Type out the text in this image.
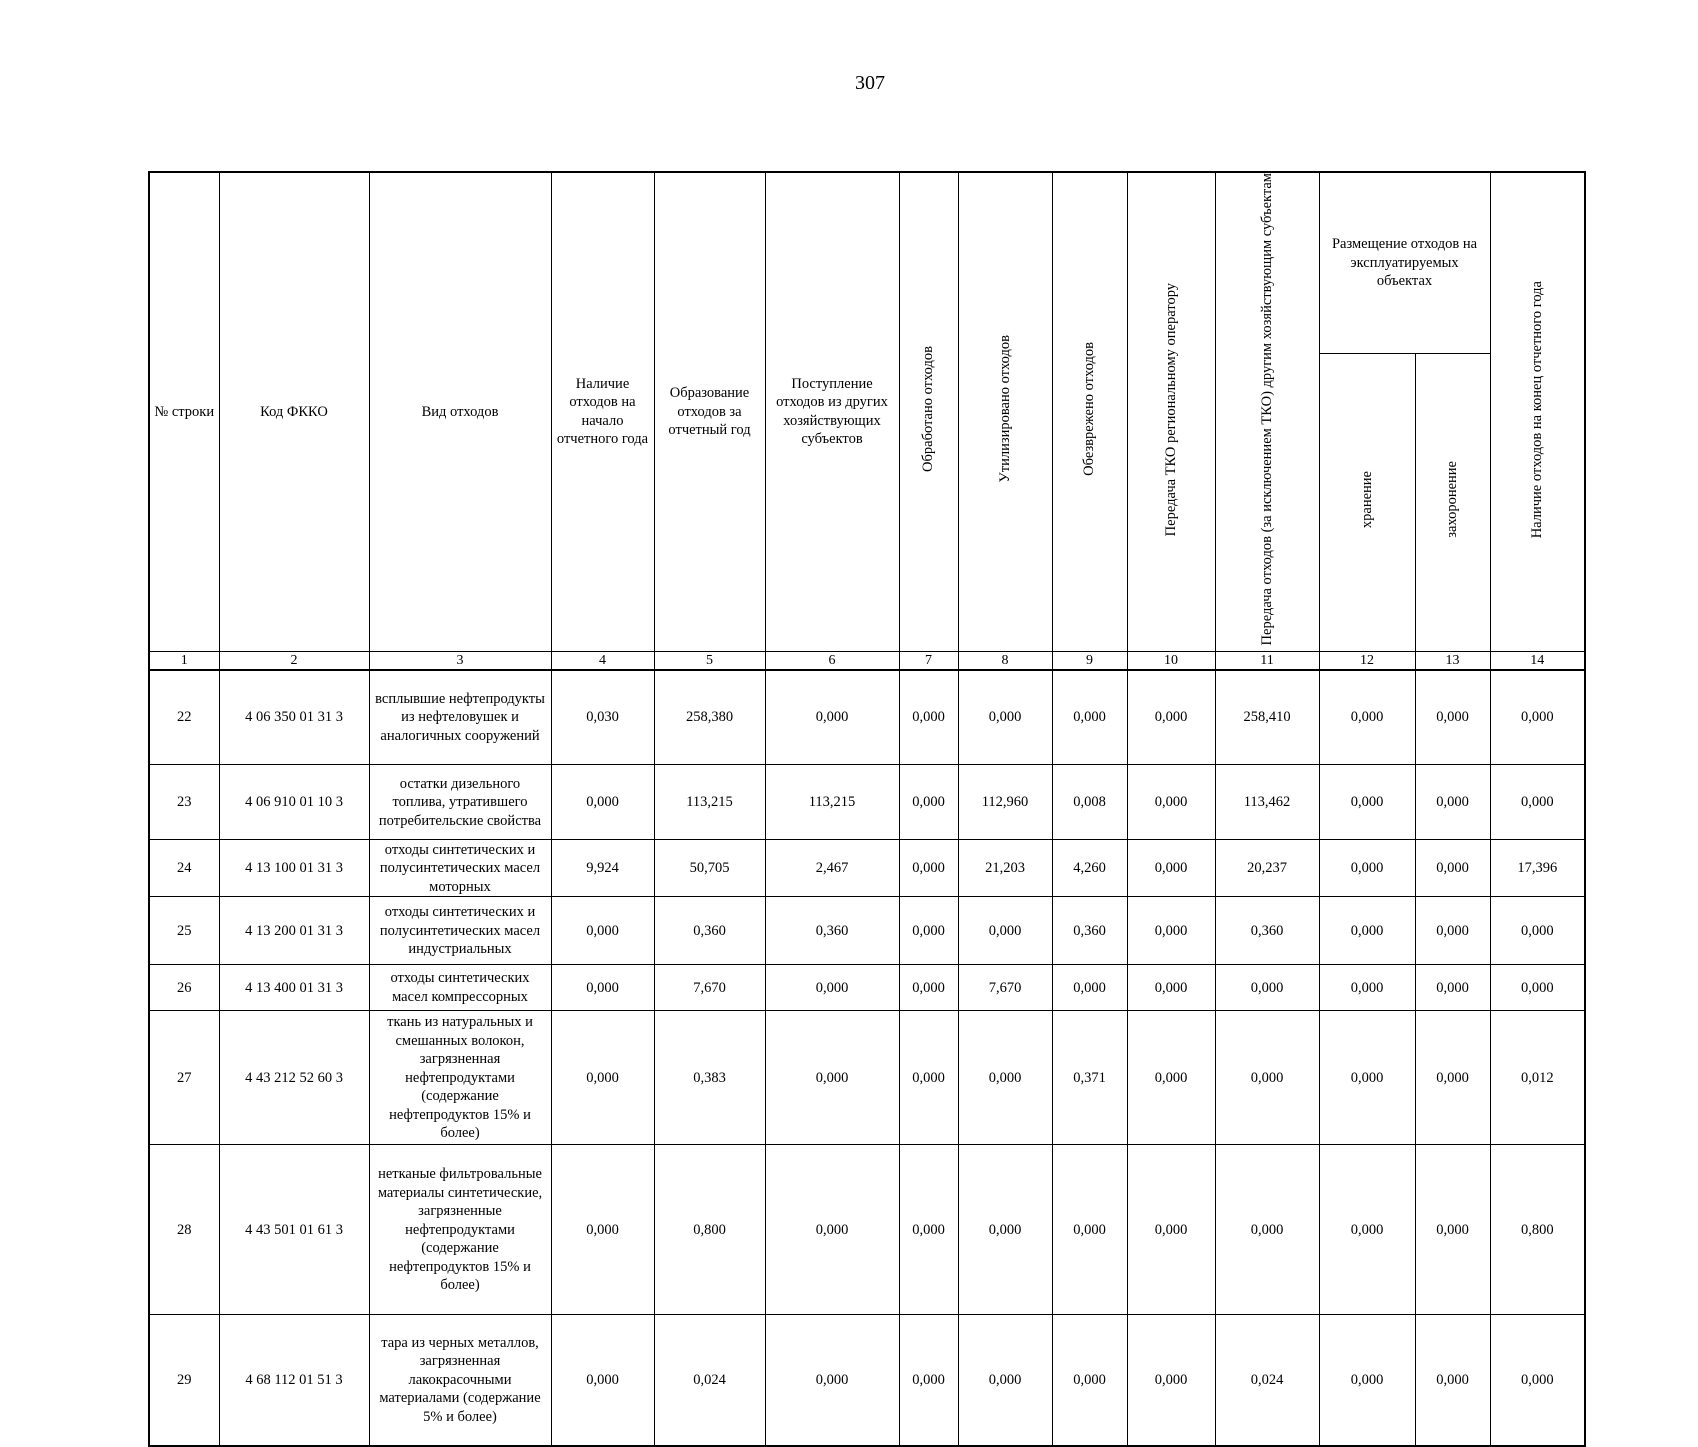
307
№ строки	Код ФККО	Вид отходов	Наличие отходов на начало отчетного года	Образование отходов за отчетный год	Поступление отходов из других хозяйствующих субъектов	Обработано отходов	Утилизировано отходов	Обезврежено отходов	Передача ТКО региональному оператору	Передача отходов (за исключением ТКО) другим хозяйствующим субъектам	Размещение отходов на эксплуатируемых объектах		Наличие отходов на конец отчетного года
											хранение	захоронение	
1	2	3	4	5	6	7	8	9	10	11	12	13	14
22	4 06 350 01 31 3	всплывшие нефтепродукты из нефтеловушек и аналогичных сооружений	0,030	258,380	0,000	0,000	0,000	0,000	0,000	258,410	0,000	0,000	0,000
23	4 06 910 01 10 3	остатки дизельного топлива, утратившего потребительские свойства	0,000	113,215	113,215	0,000	112,960	0,008	0,000	113,462	0,000	0,000	0,000
24	4 13 100 01 31 3	отходы синтетических и полусинтетических масел моторных	9,924	50,705	2,467	0,000	21,203	4,260	0,000	20,237	0,000	0,000	17,396
25	4 13 200 01 31 3	отходы синтетических и полусинтетических масел индустриальных	0,000	0,360	0,360	0,000	0,000	0,360	0,000	0,360	0,000	0,000	0,000
26	4 13 400 01 31 3	отходы синтетических масел компрессорных	0,000	7,670	0,000	0,000	7,670	0,000	0,000	0,000	0,000	0,000	0,000
27	4 43 212 52 60 3	ткань из натуральных и смешанных волокон, загрязненная нефтепродуктами (содержание нефтепродуктов 15% и более)	0,000	0,383	0,000	0,000	0,000	0,371	0,000	0,000	0,000	0,000	0,012
28	4 43 501 01 61 3	нетканые фильтровальные материалы синтетические, загрязненные нефтепродуктами (содержание нефтепродуктов 15% и более)	0,000	0,800	0,000	0,000	0,000	0,000	0,000	0,000	0,000	0,000	0,800
29	4 68 112 01 51 3	тара из черных металлов, загрязненная лакокрасочными материалами (содержание 5% и более)	0,000	0,024	0,000	0,000	0,000	0,000	0,000	0,024	0,000	0,000	0,000
